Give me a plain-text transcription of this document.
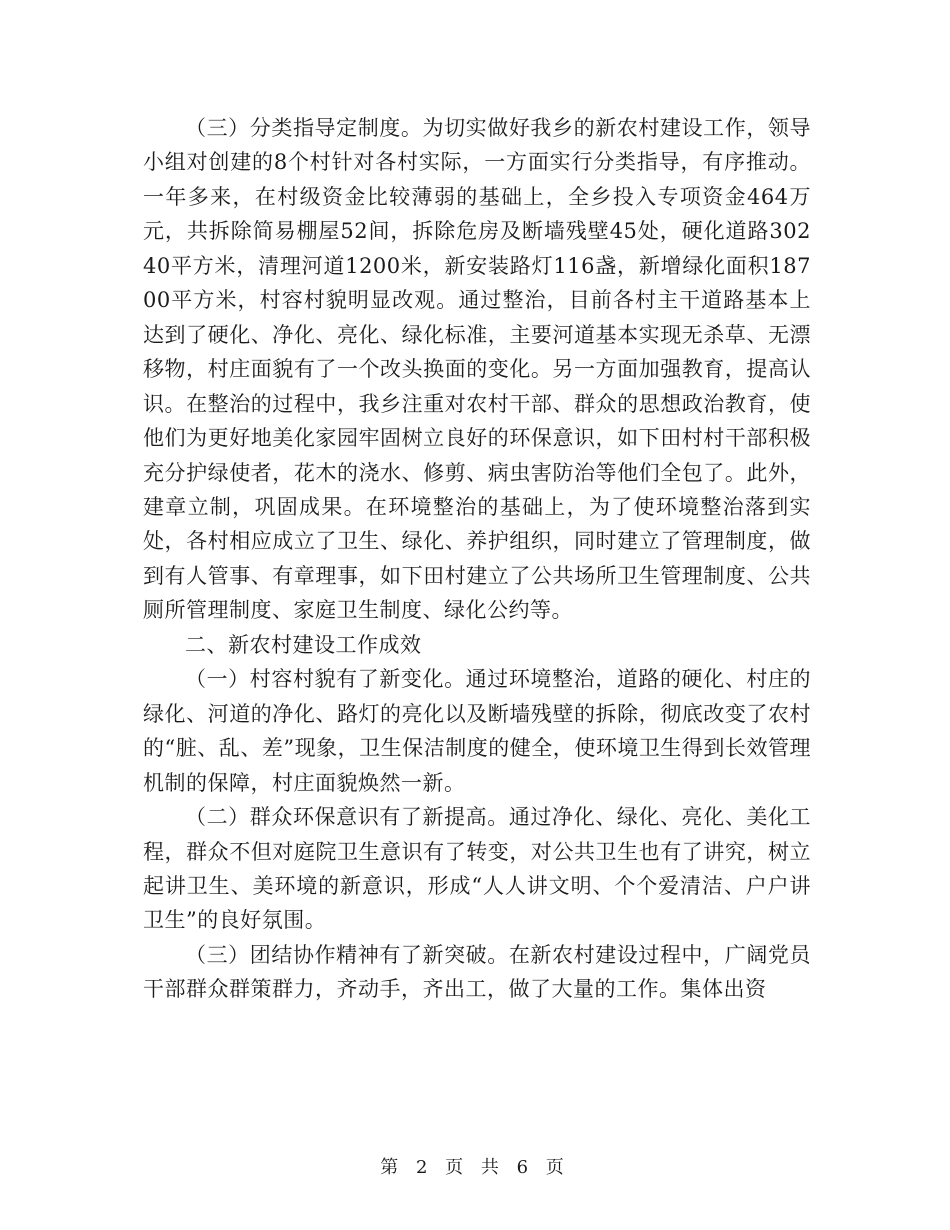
（三）分类指导定制度。为切实做好我乡的新农村建设工作，领导小组对创建的8个村针对各村实际，一方面实行分类指导，有序推动。一年多来，在村级资金比较薄弱的基础上，全乡投入专项资金464万元，共拆除简易棚屋52间，拆除危房及断墙残壁45处，硬化道路30240平方米，清理河道1200米，新安装路灯116盏，新增绿化面积18700平方米，村容村貌明显改观。通过整治，目前各村主干道路基本上达到了硬化、净化、亮化、绿化标准，主要河道基本实现无杀草、无漂移物，村庄面貌有了一个改头换面的变化。另一方面加强教育，提高认识。在整治的过程中，我乡注重对农村干部、群众的思想政治教育，使他们为更好地美化家园牢固树立良好的环保意识，如下田村村干部积极充分护绿使者，花木的浇水、修剪、病虫害防治等他们全包了。此外，建章立制，巩固成果。在环境整治的基础上，为了使环境整治落到实处，各村相应成立了卫生、绿化、养护组织，同时建立了管理制度，做到有人管事、有章理事，如下田村建立了公共场所卫生管理制度、公共厕所管理制度、家庭卫生制度、绿化公约等。

二、新农村建设工作成效

（一）村容村貌有了新变化。通过环境整治，道路的硬化、村庄的绿化、河道的净化、路灯的亮化以及断墙残壁的拆除，彻底改变了农村的“脏、乱、差”现象，卫生保洁制度的健全，使环境卫生得到长效管理机制的保障，村庄面貌焕然一新。

（二）群众环保意识有了新提高。通过净化、绿化、亮化、美化工程，群众不但对庭院卫生意识有了转变，对公共卫生也有了讲究，树立起讲卫生、美环境的新意识，形成“人人讲文明、个个爱清洁、户户讲卫生”的良好氛围。

（三）团结协作精神有了新突破。在新农村建设过程中，广阔党员干部群众群策群力，齐动手，齐出工，做了大量的工作。集体出资

第 2 页 共 6 页
